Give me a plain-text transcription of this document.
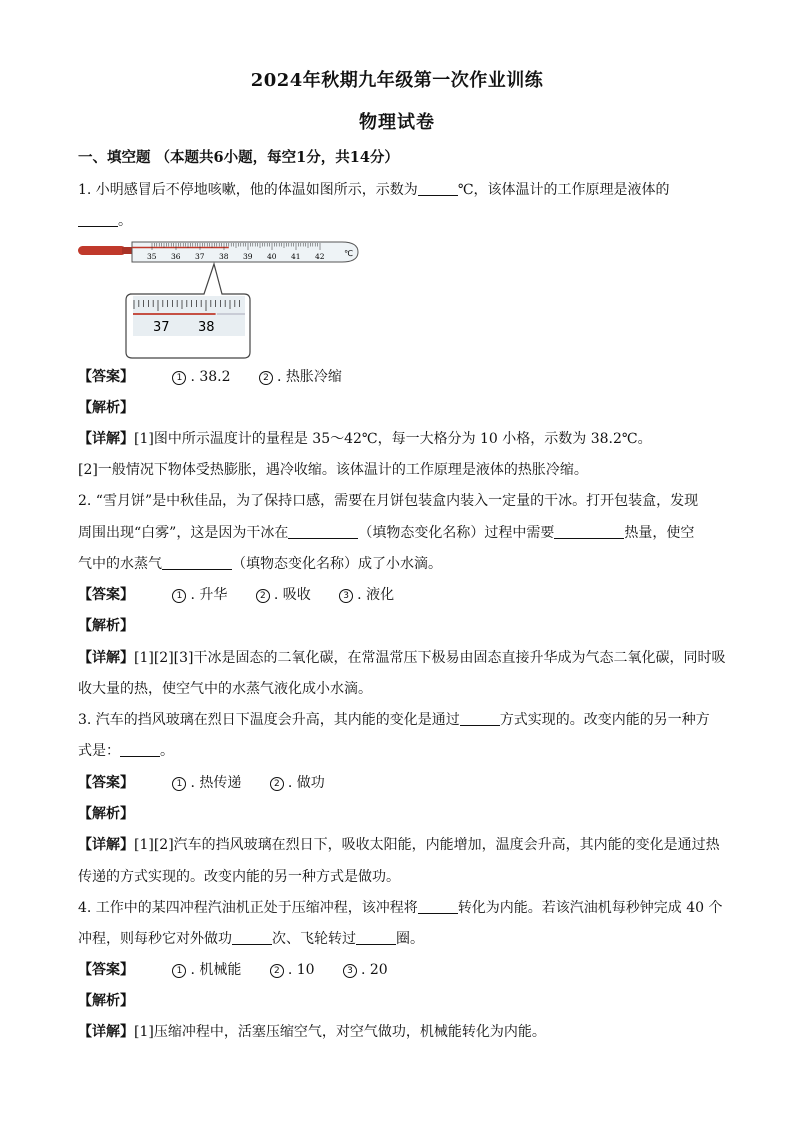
2024年秋期九年级第一次作业训练
物理试卷
一、填空题 （本题共6小题，每空1分，共14分）
1. 小明感冒后不停地咳嗽，他的体温如图所示，示数为	℃，该体温计的工作原理是液体的
。
35 36 37 38 39 40 41 42 ℃
37 38
【答案】	1 . 38.2	2 . 热胀冷缩
【解析】
【详解】[1]图中所示温度计的量程是 35～42℃，每一大格分为 10 小格，示数为 38.2℃。
[2]一般情况下物体受热膨胀，遇冷收缩。该体温计的工作原理是液体的热胀冷缩。
2. “雪月饼”是中秋佳品，为了保持口感，需要在月饼包装盒内装入一定量的干冰。打开包装盒，发现
周围出现“白雾”，这是因为干冰在	（填物态变化名称）过程中需要	热量，使空
气中的水蒸气	（填物态变化名称）成了小水滴。
【答案】	1 . 升华	2 . 吸收	3 . 液化
【解析】
【详解】[1][2][3]干冰是固态的二氧化碳，在常温常压下极易由固态直接升华成为气态二氧化碳，同时吸
收大量的热，使空气中的水蒸气液化成小水滴。
3. 汽车的挡风玻璃在烈日下温度会升高，其内能的变化是通过	方式实现的。改变内能的另一种方
式是：	。
【答案】	1 . 热传递	2 . 做功
【解析】
【详解】[1][2]汽车的挡风玻璃在烈日下，吸收太阳能，内能增加，温度会升高，其内能的变化是通过热
传递的方式实现的。改变内能的另一种方式是做功。
4. 工作中的某四冲程汽油机正处于压缩冲程，该冲程将	转化为内能。若该汽油机每秒钟完成 40 个
冲程，则每秒它对外做功	次、飞轮转过	圈。
【答案】	1 . 机械能	2 . 10	3 . 20
【解析】
【详解】[1]压缩冲程中，活塞压缩空气，对空气做功，机械能转化为内能。
